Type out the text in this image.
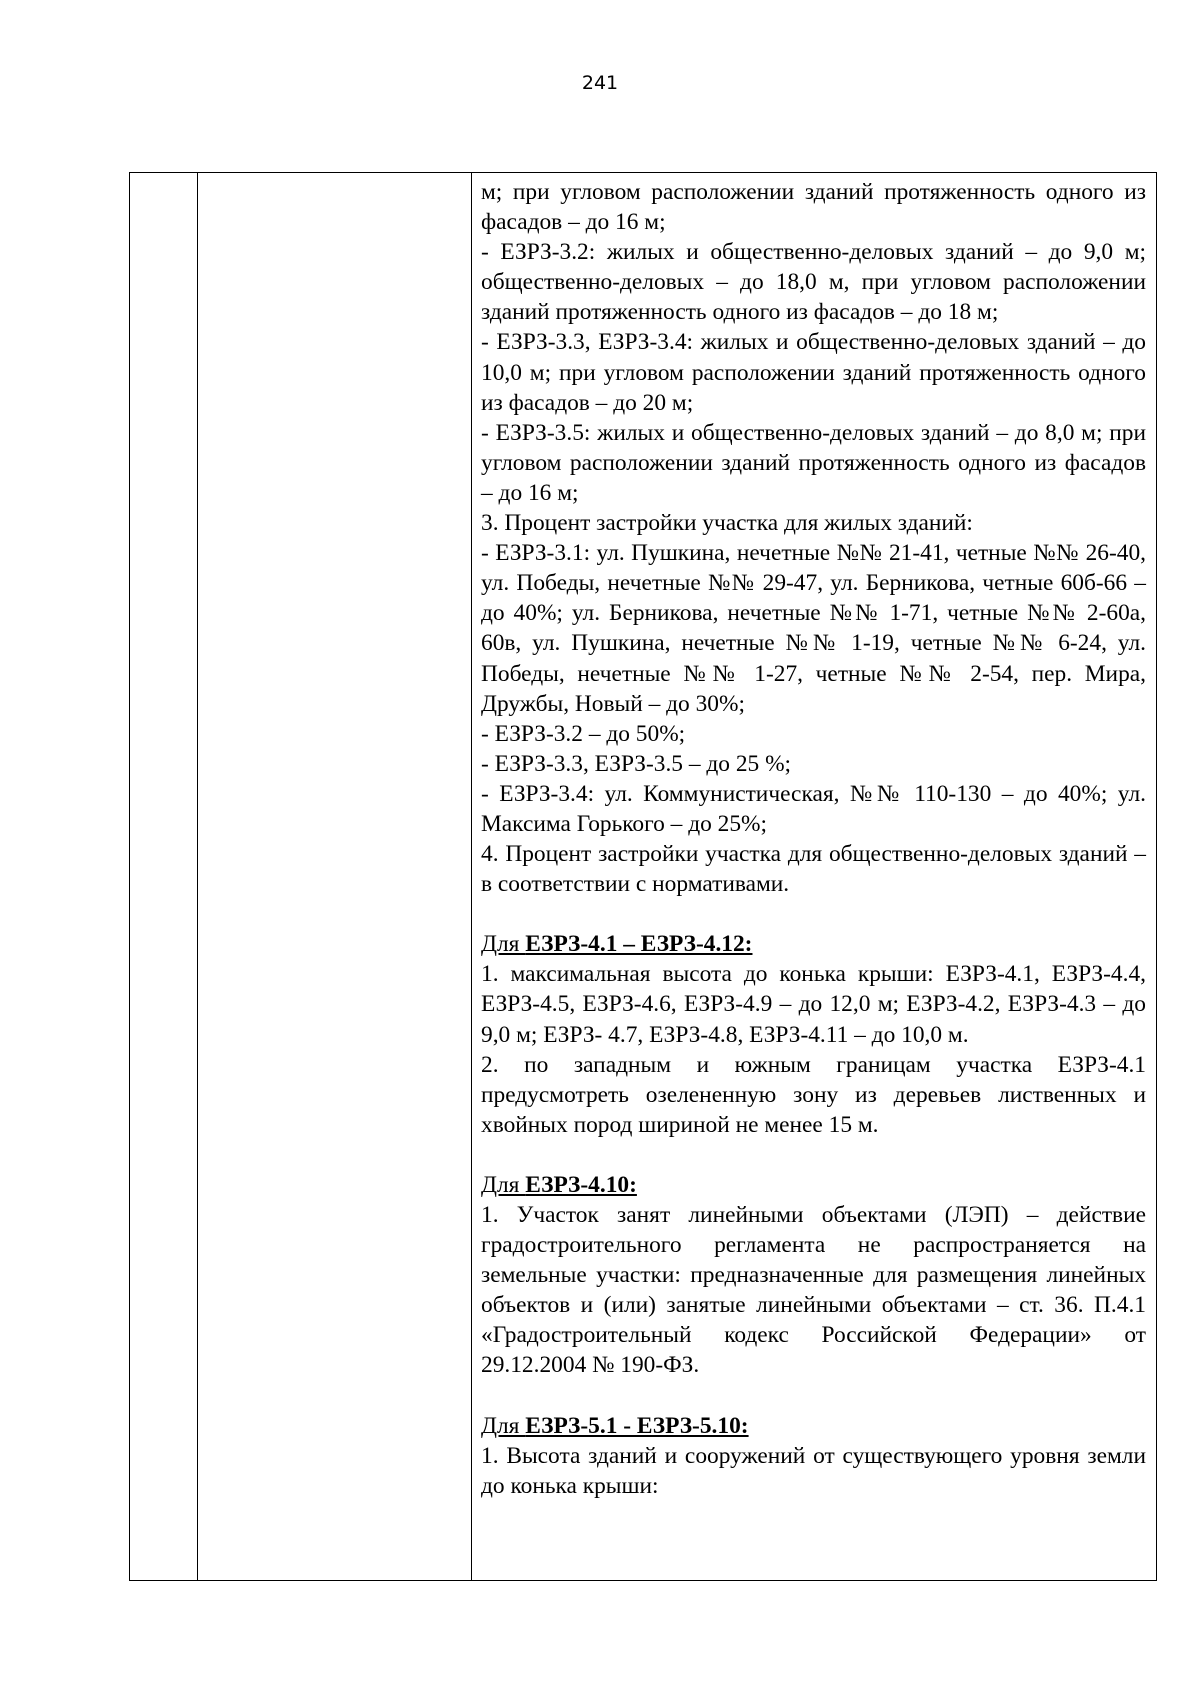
241

м; при угловом расположении зданий протяженность одного из фасадов – до 16 м;

- ЕЗРЗ-3.2: жилых и общественно-деловых зданий – до 9,0 м; общественно-деловых – до 18,0 м, при угловом расположении зданий протяженность одного из фасадов – до 18 м;

- ЕЗРЗ-3.3, ЕЗРЗ-3.4: жилых и общественно-деловых зданий – до 10,0 м; при угловом расположении зданий протяженность одного из фасадов – до 20 м;

- ЕЗРЗ-3.5: жилых и общественно-деловых зданий – до 8,0 м; при угловом расположении зданий протяженность одного из фасадов – до 16 м;

3. Процент застройки участка для жилых зданий:

- ЕЗРЗ-3.1: ул. Пушкина, нечетные №№ 21-41, четные №№ 26-40, ул. Победы, нечетные №№ 29-47, ул. Берникова, четные 60б-66 – до 40%; ул. Берникова, нечетные №№ 1-71, четные №№ 2-60а, 60в, ул. Пушкина, нечетные №№ 1-19, четные №№ 6-24, ул. Победы, нечетные №№ 1-27, четные №№ 2-54, пер. Мира, Дружбы, Новый – до 30%;

- ЕЗРЗ-3.2 – до 50%;

- ЕЗРЗ-3.3, ЕЗРЗ-3.5 – до 25 %;

- ЕЗРЗ-3.4: ул. Коммунистическая, №№ 110-130 – до 40%; ул. Максима Горького – до 25%;

4. Процент застройки участка для общественно-деловых зданий – в соответствии с нормативами.

Для ЕЗРЗ-4.1 – ЕЗРЗ-4.12:

1. максимальная высота до конька крыши: ЕЗРЗ-4.1, ЕЗРЗ-4.4, ЕЗРЗ-4.5, ЕЗРЗ-4.6, ЕЗРЗ-4.9 – до 12,0 м; ЕЗРЗ-4.2, ЕЗРЗ-4.3 – до 9,0 м; ЕЗРЗ- 4.7, ЕЗРЗ-4.8, ЕЗРЗ-4.11 – до 10,0 м.

2. по западным и южным границам участка ЕЗРЗ-4.1 предусмотреть озелененную зону из деревьев лиственных и хвойных пород шириной не менее 15 м.

Для ЕЗРЗ-4.10:

1. Участок занят линейными объектами (ЛЭП) – действие градостроительного регламента не распространяется на земельные участки: предназначенные для размещения линейных объектов и (или) занятые линейными объектами – ст. 36. П.4.1 «Градостроительный кодекс Российской Федерации» от 29.12.2004 № 190-ФЗ.

Для ЕЗРЗ-5.1 - ЕЗРЗ-5.10:

1. Высота зданий и сооружений от существующего уровня земли до конька крыши:
